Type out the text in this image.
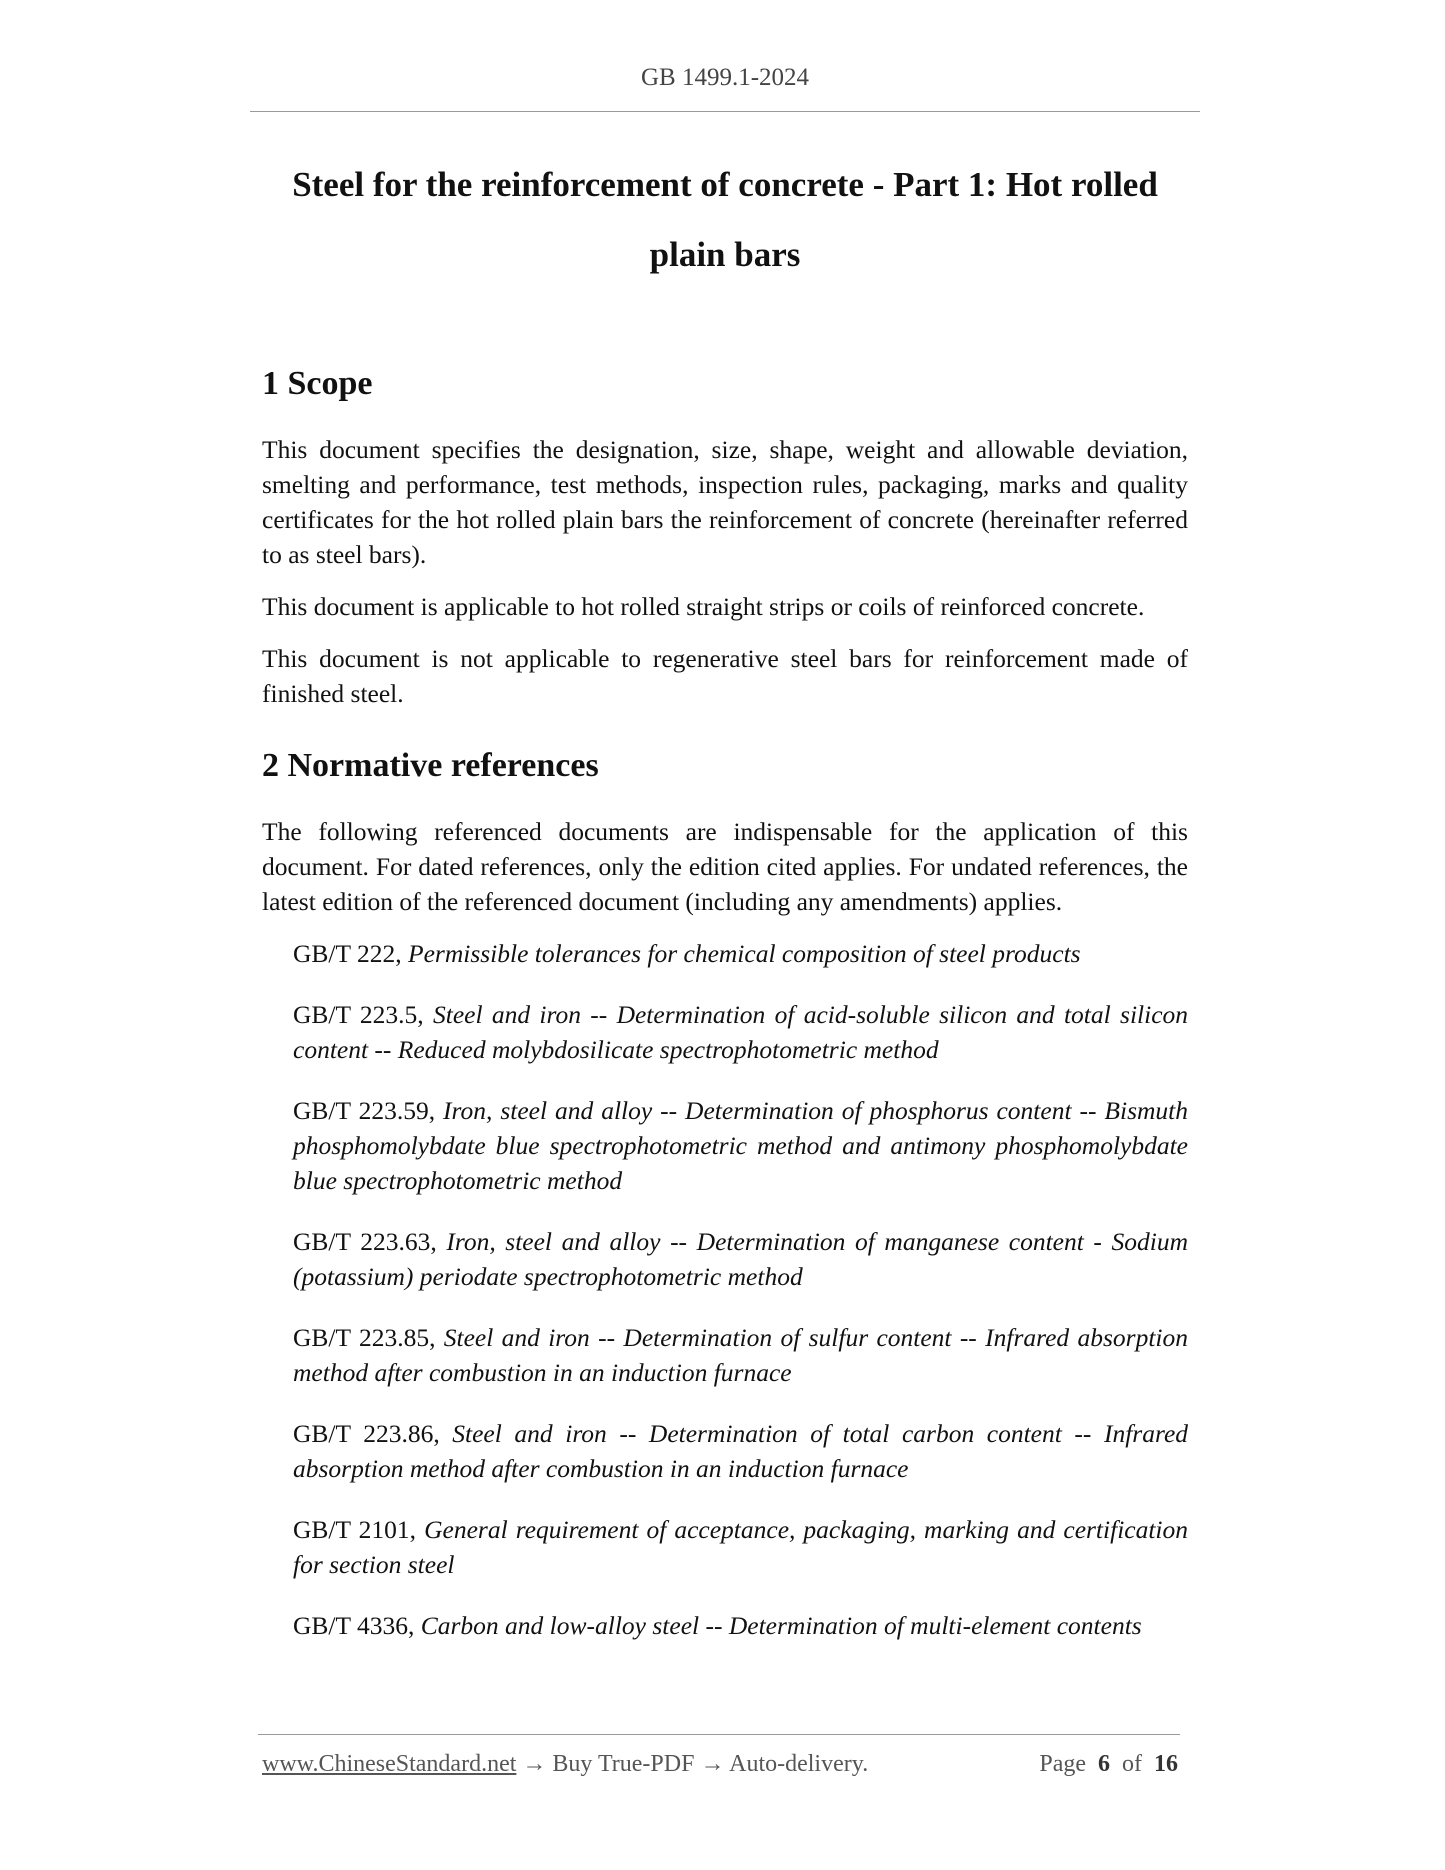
GB 1499.1-2024
Steel for the reinforcement of concrete - Part 1: Hot rolled
plain bars
1 Scope

This document specifies the designation, size, shape, weight and allowable deviation, smelting and performance, test methods, inspection rules, packaging, marks and quality certificates for the hot rolled plain bars the reinforcement of concrete (hereinafter referred to as steel bars).

This document is applicable to hot rolled straight strips or coils of reinforced concrete.

This document is not applicable to regenerative steel bars for reinforcement made of finished steel.

2 Normative references

The following referenced documents are indispensable for the application of this document. For dated references, only the edition cited applies. For undated references, the latest edition of the referenced document (including any amendments) applies.

GB/T 222, Permissible tolerances for chemical composition of steel products
GB/T 223.5, Steel and iron -- Determination of acid-soluble silicon and total silicon content -- Reduced molybdosilicate spectrophotometric method
GB/T 223.59, Iron, steel and alloy -- Determination of phosphorus content -- Bismuth phosphomolybdate blue spectrophotometric method and antimony phosphomolybdate blue spectrophotometric method
GB/T 223.63, Iron, steel and alloy -- Determination of manganese content - Sodium (potassium) periodate spectrophotometric method
GB/T 223.85, Steel and iron -- Determination of sulfur content -- Infrared absorption method after combustion in an induction furnace
GB/T 223.86, Steel and iron -- Determination of total carbon content -- Infrared absorption method after combustion in an induction furnace
GB/T 2101, General requirement of acceptance, packaging, marking and certification for section steel
GB/T 4336, Carbon and low-alloy steel -- Determination of multi-element contents
www.ChineseStandard.net → Buy True-PDF → Auto-delivery.	Page 6 of 16
